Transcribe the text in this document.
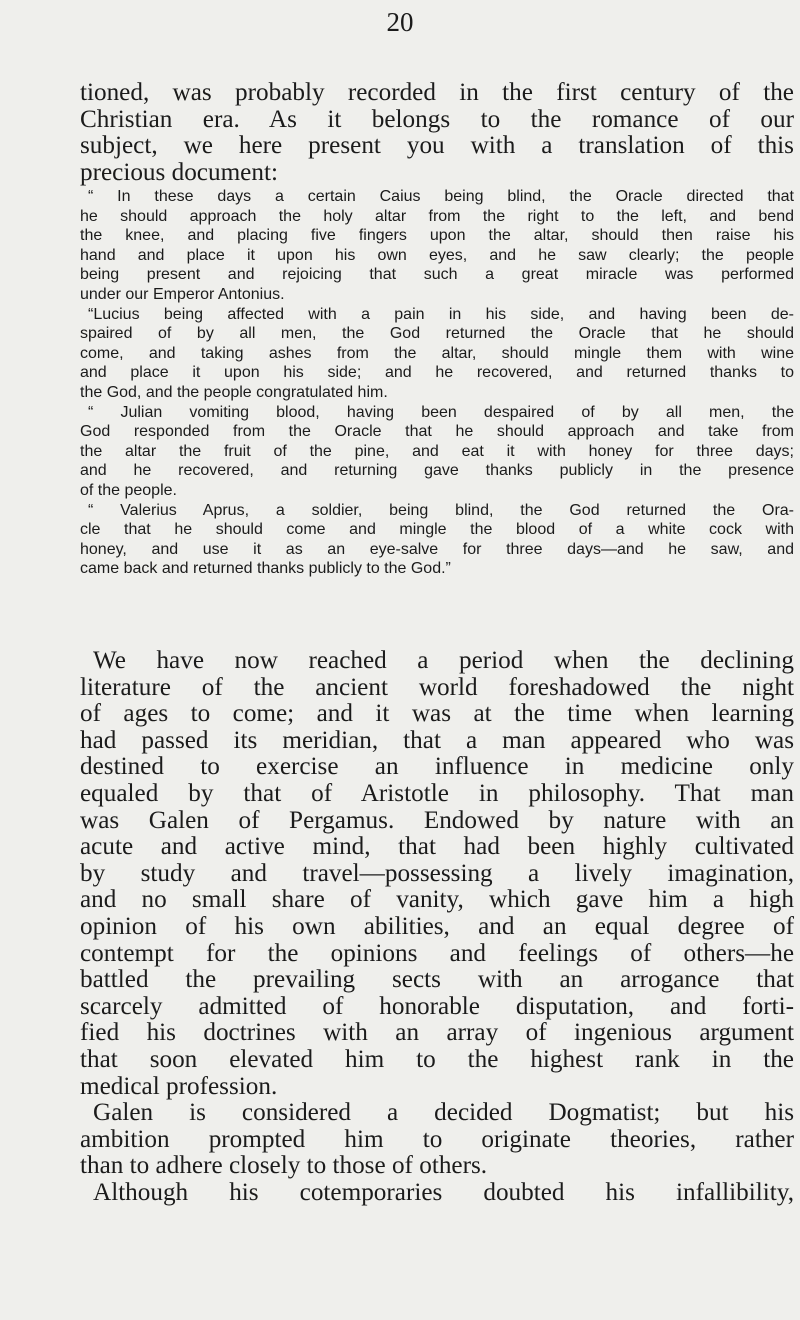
20

tioned, was probably recorded in the first century of the
Christian era. As it belongs to the romance of our
subject, we here present you with a translation of this
precious document:

“ In these days a certain Caius being blind, the Oracle directed that
he should approach the holy altar from the right to the left, and bend
the knee, and placing five fingers upon the altar, should then raise his
hand and place it upon his own eyes, and he saw clearly; the people
being present and rejoicing that such a great miracle was performed
under our Emperor Antonius.

“Lucius being affected with a pain in his side, and having been de-
spaired of by all men, the God returned the Oracle that he should
come, and taking ashes from the altar, should mingle them with wine
and place it upon his side; and he recovered, and returned thanks to
the God, and the people congratulated him.

“ Julian vomiting blood, having been despaired of by all men, the
God responded from the Oracle that he should approach and take from
the altar the fruit of the pine, and eat it with honey for three days;
and he recovered, and returning gave thanks publicly in the presence
of the people.

“ Valerius Aprus, a soldier, being blind, the God returned the Ora-
cle that he should come and mingle the blood of a white cock with
honey, and use it as an eye-salve for three days—and he saw, and
came back and returned thanks publicly to the God.”

We have now reached a period when the declining
literature of the ancient world foreshadowed the night
of ages to come; and it was at the time when learning
had passed its meridian, that a man appeared who was
destined to exercise an influence in medicine only
equaled by that of Aristotle in philosophy. That man
was Galen of Pergamus. Endowed by nature with an
acute and active mind, that had been highly cultivated
by study and travel—possessing a lively imagination,
and no small share of vanity, which gave him a high
opinion of his own abilities, and an equal degree of
contempt for the opinions and feelings of others—he
battled the prevailing sects with an arrogance that
scarcely admitted of honorable disputation, and forti-
fied his doctrines with an array of ingenious argument
that soon elevated him to the highest rank in the
medical profession.

Galen is considered a decided Dogmatist; but his
ambition prompted him to originate theories, rather
than to adhere closely to those of others.

Although his cotemporaries doubted his infallibility,
